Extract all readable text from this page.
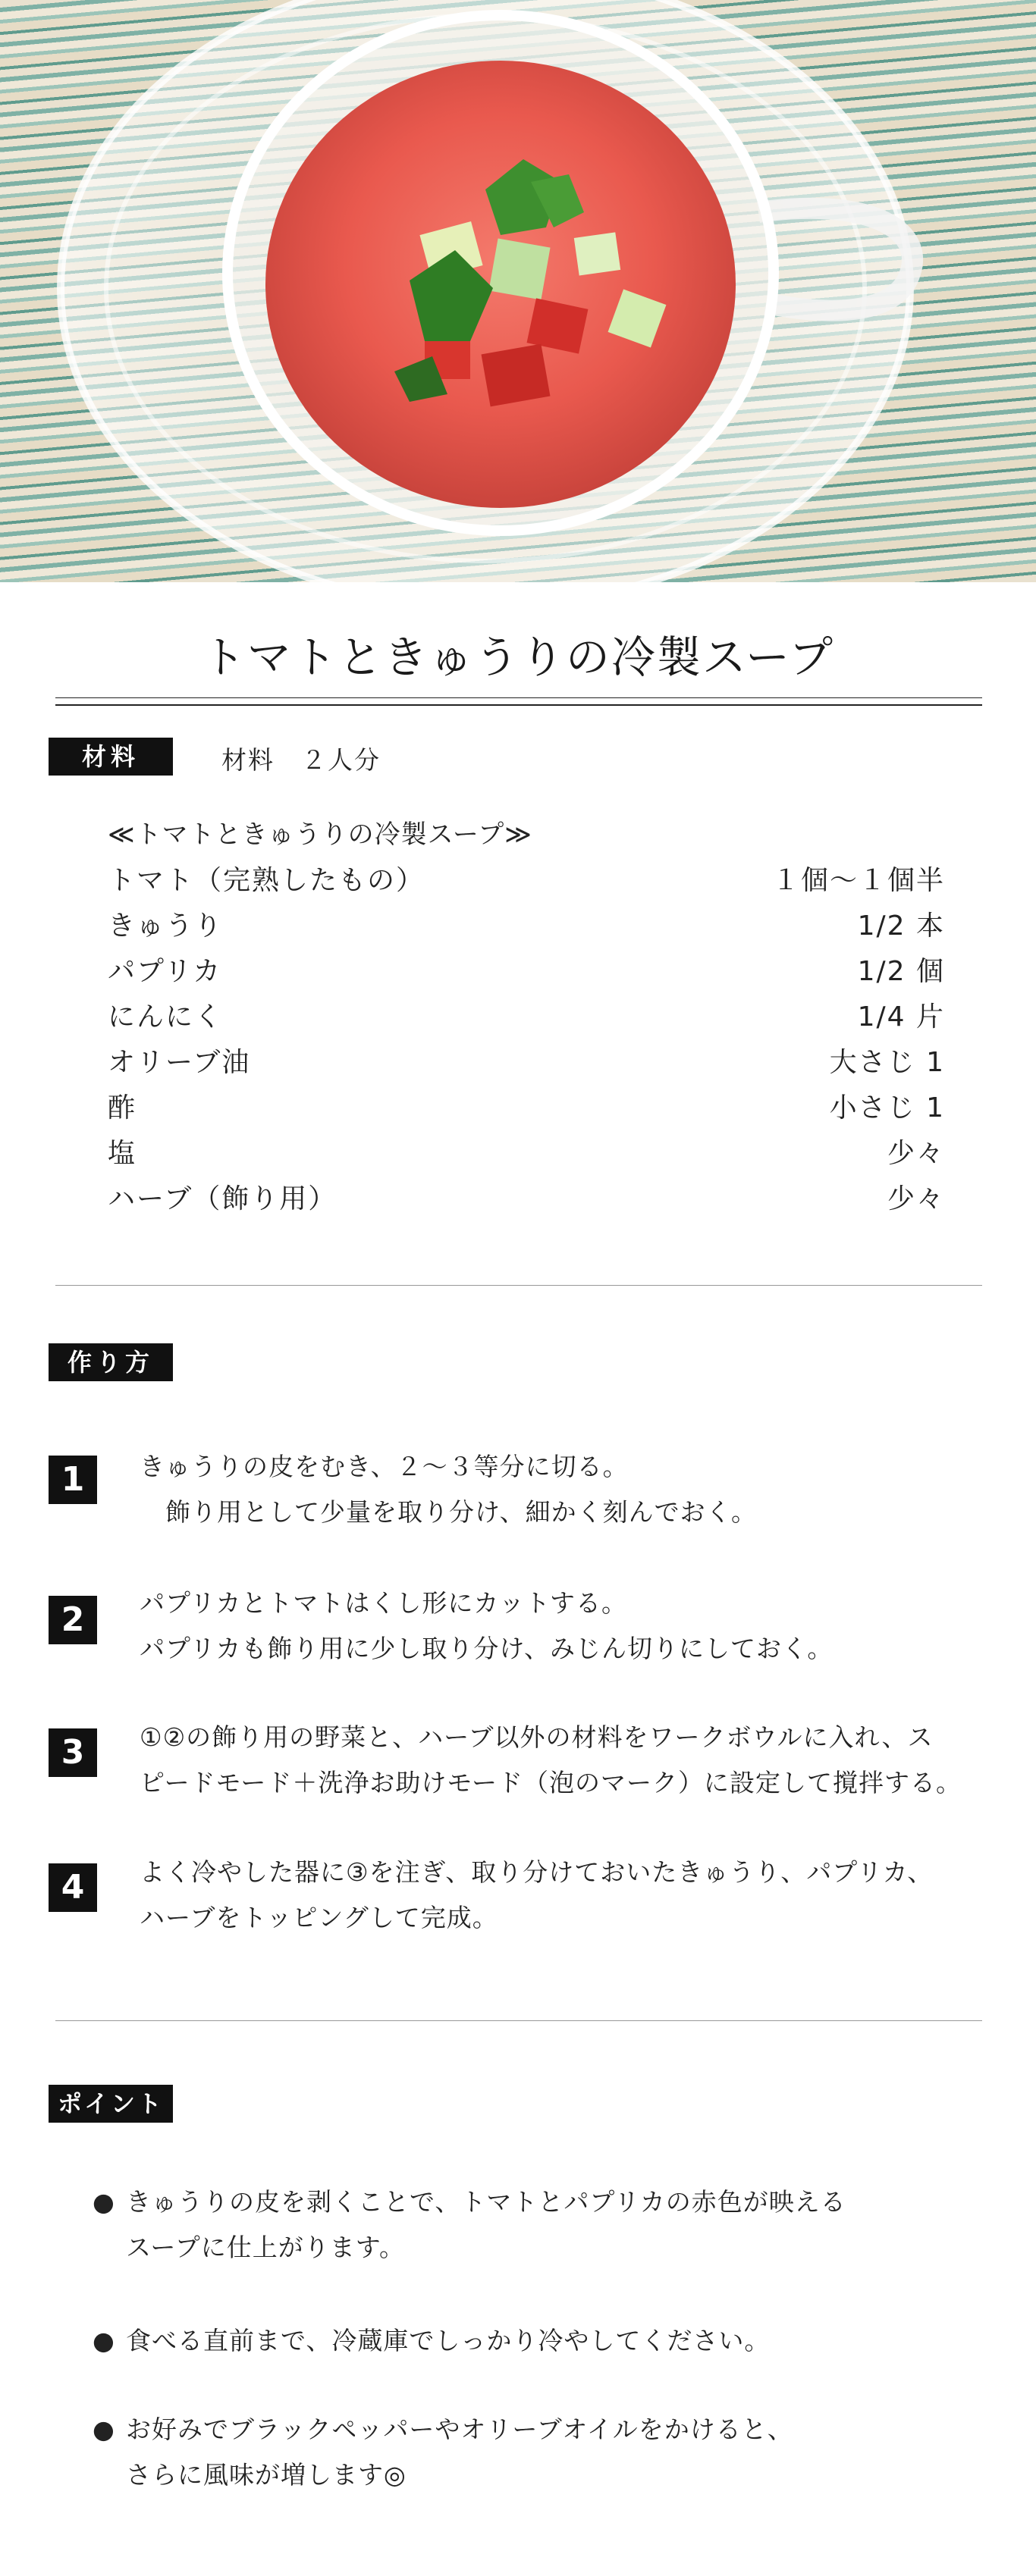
トマトときゅうりの冷製スープ
材料	材料　２人分
≪トマトときゅうりの冷製スープ≫
トマト（完熟したもの）	１個〜１個半
きゅうり	1/2 本
パプリカ	1/2 個
にんにく	1/4 片
オリーブ油	大さじ 1
酢	小さじ 1
塩	少々
ハーブ（飾り用）	少々
作り方
1	きゅうりの皮をむき、２〜３等分に切る。
　飾り用として少量を取り分け、細かく刻んでおく。
2	パプリカとトマトはくし形にカットする。
パプリカも飾り用に少し取り分け、みじん切りにしておく。
3	①②の飾り用の野菜と、ハーブ以外の材料をワークボウルに入れ、ス
ピードモード＋洗浄お助けモード（泡のマーク）に設定して撹拌する。
4	よく冷やした器に③を注ぎ、取り分けておいたきゅうり、パプリカ、
ハーブをトッピングして完成。
ポイント
● きゅうりの皮を剥くことで、トマトとパプリカの赤色が映える
スープに仕上がります。
● 食べる直前まで、冷蔵庫でしっかり冷やしてください。
● お好みでブラックペッパーやオリーブオイルをかけると、
さらに風味が増します◎
